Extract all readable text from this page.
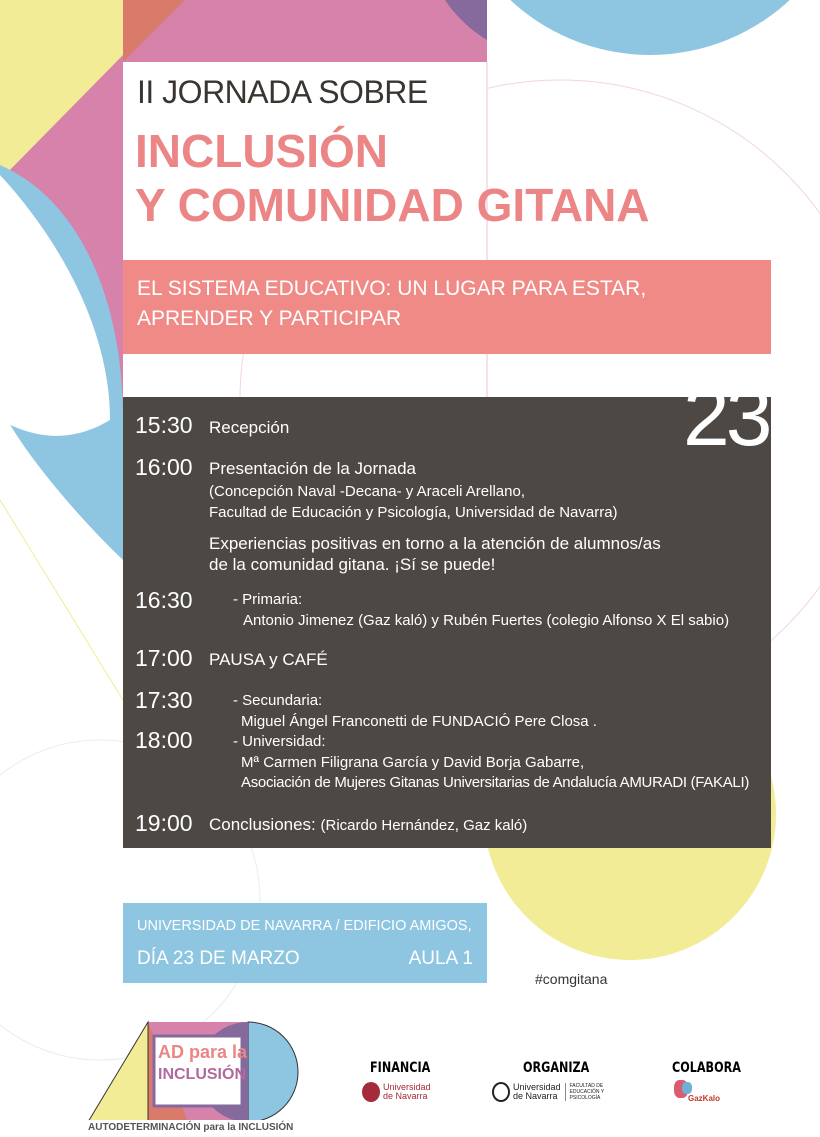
II JORNADA SOBRE
INCLUSIÓN
Y COMUNIDAD GITANA
EL SISTEMA EDUCATIVO: UN LUGAR PARA ESTAR,
APRENDER Y PARTICIPAR
15:30 Recepción
16:00 Presentación de la Jornada
(Concepción Naval -Decana- y Araceli Arellano,
Facultad de Educación y Psicología, Universidad de Navarra)
Experiencias positivas en torno a la atención de alumnos/as
de la comunidad gitana. ¡Sí se puede!
16:30	- Primaria:
Antonio Jimenez (Gaz kaló) y Rubén Fuertes (colegio Alfonso X El sabio)
17:00 PAUSA y CAFÉ
17:30	- Secundaria:
Miguel Ángel Franconetti de FUNDACIÓ Pere Closa .
18:00	- Universidad:
Mª Carmen Filigrana García y David Borja Gabarre,
Asociación de Mujeres Gitanas Universitarias de Andalucía AMURADI (FAKALI)
19:00 Conclusiones: (Ricardo Hernández, Gaz kaló)
23
UNIVERSIDAD DE NAVARRA / EDIFICIO AMIGOS,
DÍA 23 DE MARZO	AULA 1
#comgitana
AD para la
INCLUSIÓN
AUTODETERMINACIÓN para la INCLUSIÓN
FINANCIA
Universidad
de Navarra
ORGANIZA
Universidad
de Navarra
FACULTAD DE
EDUCACIÓN Y
PSICOLOGÍA
COLABORA
GazKalo
